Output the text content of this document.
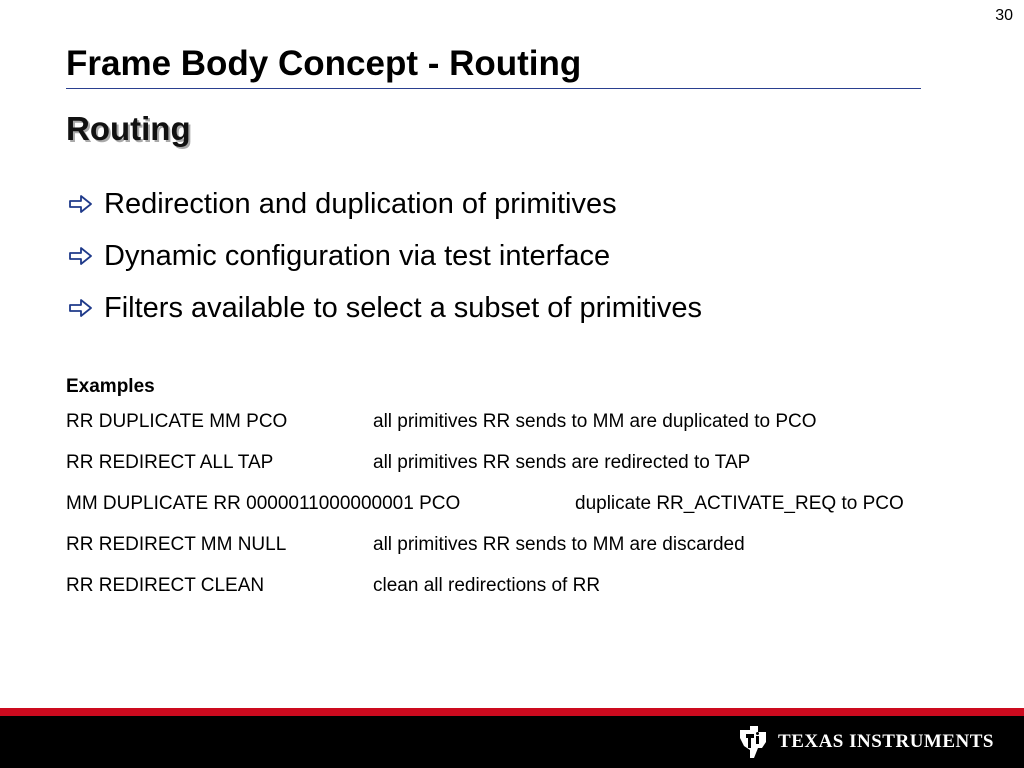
30
Frame Body Concept - Routing
Routing
Redirection and duplication of primitives
Dynamic configuration via test interface
Filters available to select a subset of primitives
Examples
RR DUPLICATE MM PCO	all primitives RR sends to MM are duplicated to PCO
RR REDIRECT ALL TAP	all primitives RR sends are redirected to TAP
MM DUPLICATE RR 0000011000000001 PCO	duplicate RR_ACTIVATE_REQ to PCO
RR REDIRECT MM NULL	all primitives RR sends to MM are discarded
RR REDIRECT CLEAN	clean all redirections of RR
TEXAS INSTRUMENTS
